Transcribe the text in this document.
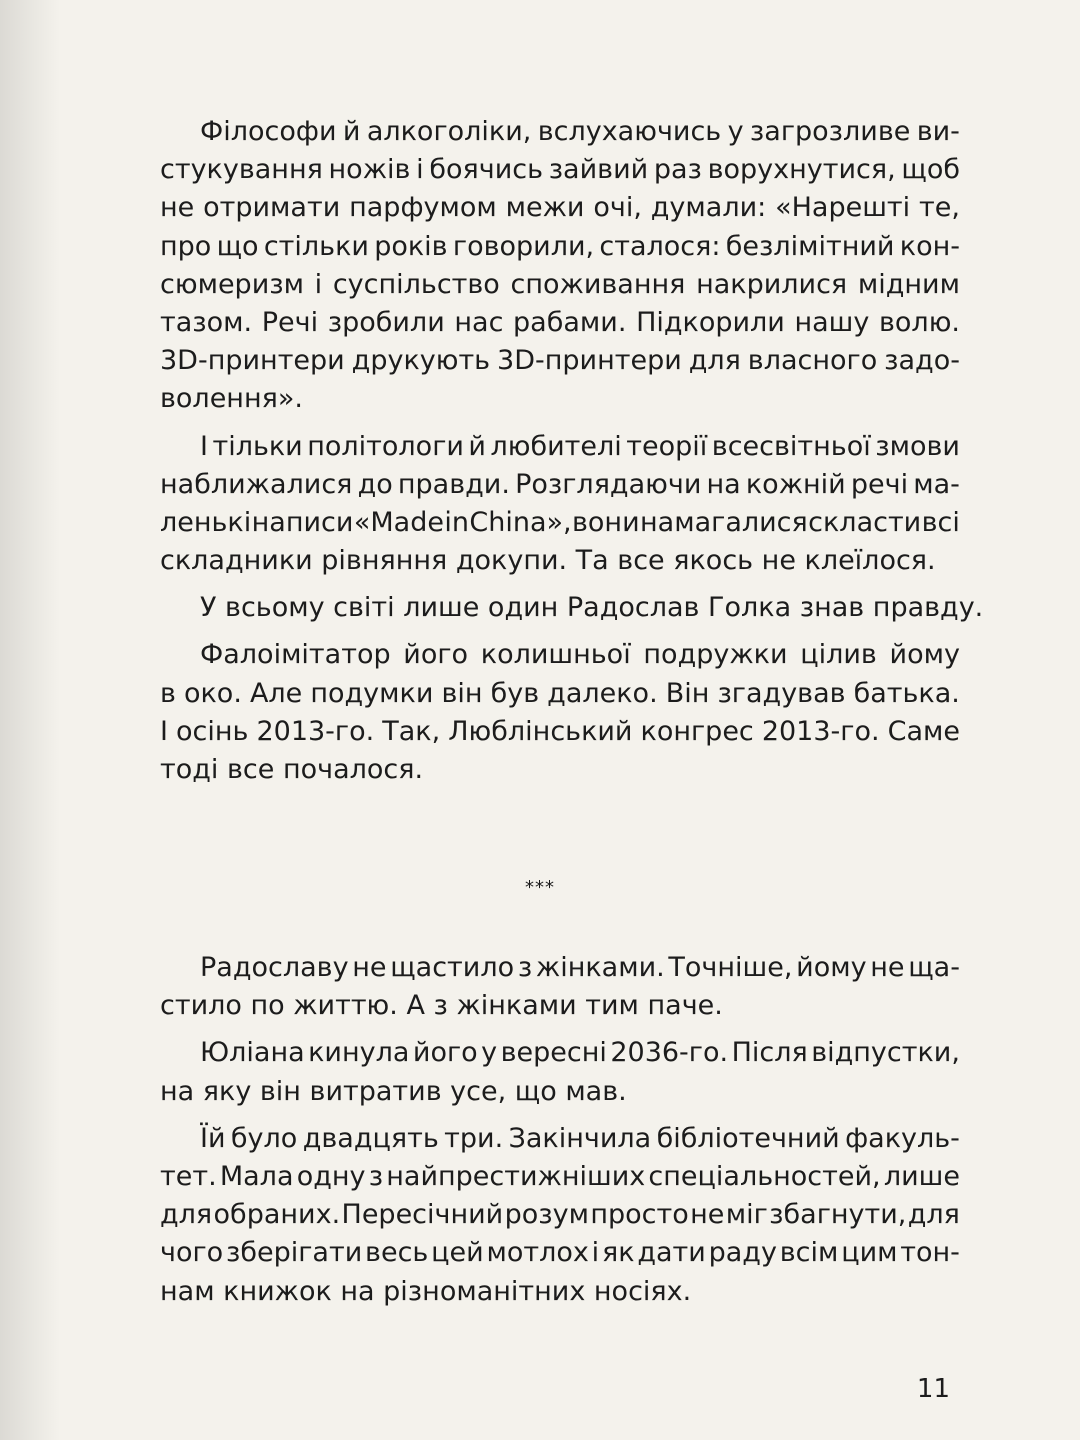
Філософи й алкоголіки, вслухаючись у загрозливе ви-
стукування ножів і боячись зайвий раз ворухнутися, щоб
не отримати парфумом межи очі, думали: «Нарешті те,
про що стільки років говорили, сталося: безлімітний кон-
сюмеризм і суспільство споживання накрилися мідним
тазом. Речі зробили нас рабами. Підкорили нашу волю.
3D-принтери друкують 3D-принтери для власного задо-
волення».
І тільки політологи й любителі теорії всесвітньої змови
наближалися до правди. Розглядаючи на кожній речі ма-
ленькі написи «Made in China», вони намагалися скласти всі
складники рівняння докупи. Та все якось не клеїлося.
У всьому світі лише один Радослав Голка знав правду.
Фалоімітатор його колишньої подружки цілив йому
в око. Але подумки він був далеко. Він згадував батька.
І осінь 2013-го. Так, Люблінський конгрес 2013-го. Саме
тоді все почалося.
***
Радославу не щастило з жінками. Точніше, йому не ща-
стило по життю. А з жінками тим паче.
Юліана кинула його у вересні 2036-го. Після відпустки,
на яку він витратив усе, що мав.
Їй було двадцять три. Закінчила бібліотечний факуль-
тет. Мала одну з найпрестижніших спеціальностей, лише
для обраних. Пересічний розум просто не міг збагнути, для
чого зберігати весь цей мотлох і як дати раду всім цим тон-
нам книжок на різноманітних носіях.
11
